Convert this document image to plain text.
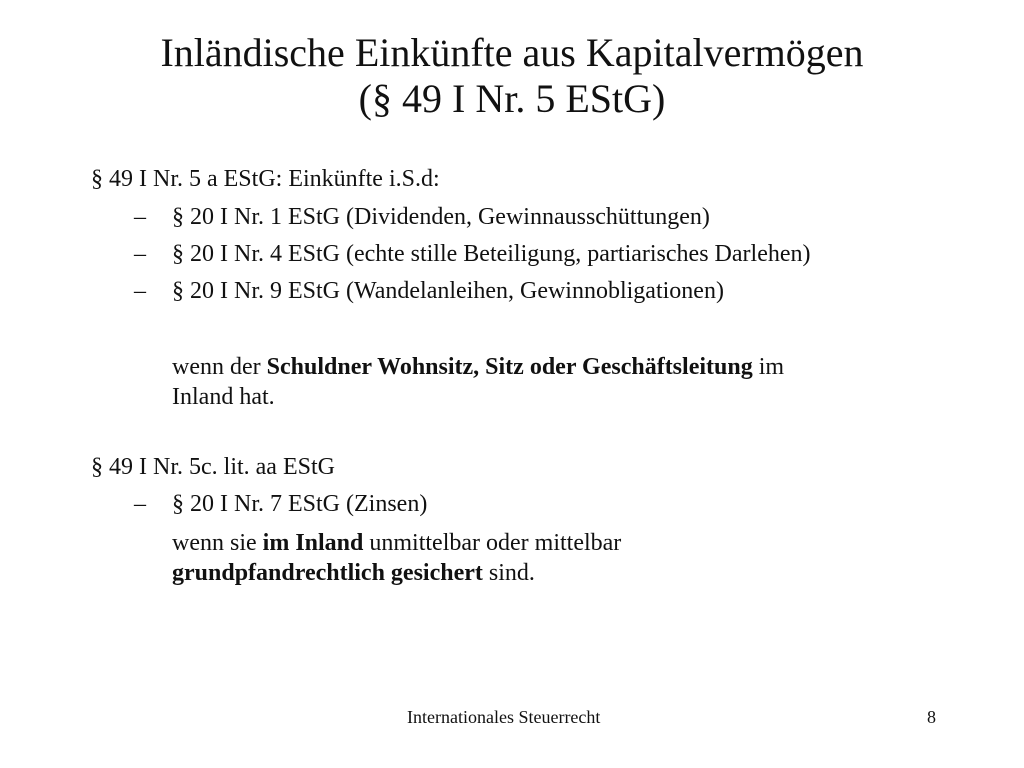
Inländische Einkünfte aus Kapitalvermögen
(§ 49 I Nr. 5 EStG)
§ 49 I Nr. 5 a EStG: Einkünfte i.S.d:
– § 20 I Nr. 1 EStG (Dividenden, Gewinnausschüttungen)
– § 20 I Nr. 4 EStG (echte stille Beteiligung, partiarisches Darlehen)
– § 20 I Nr. 9 EStG (Wandelanleihen, Gewinnobligationen)
wenn der Schuldner Wohnsitz, Sitz oder Geschäftsleitung im
Inland hat.
§ 49 I Nr. 5c. lit. aa EStG
– § 20 I Nr. 7 EStG (Zinsen)
wenn sie im Inland unmittelbar oder mittelbar
grundpfandrechtlich gesichert sind.
Internationales Steuerrecht	8
